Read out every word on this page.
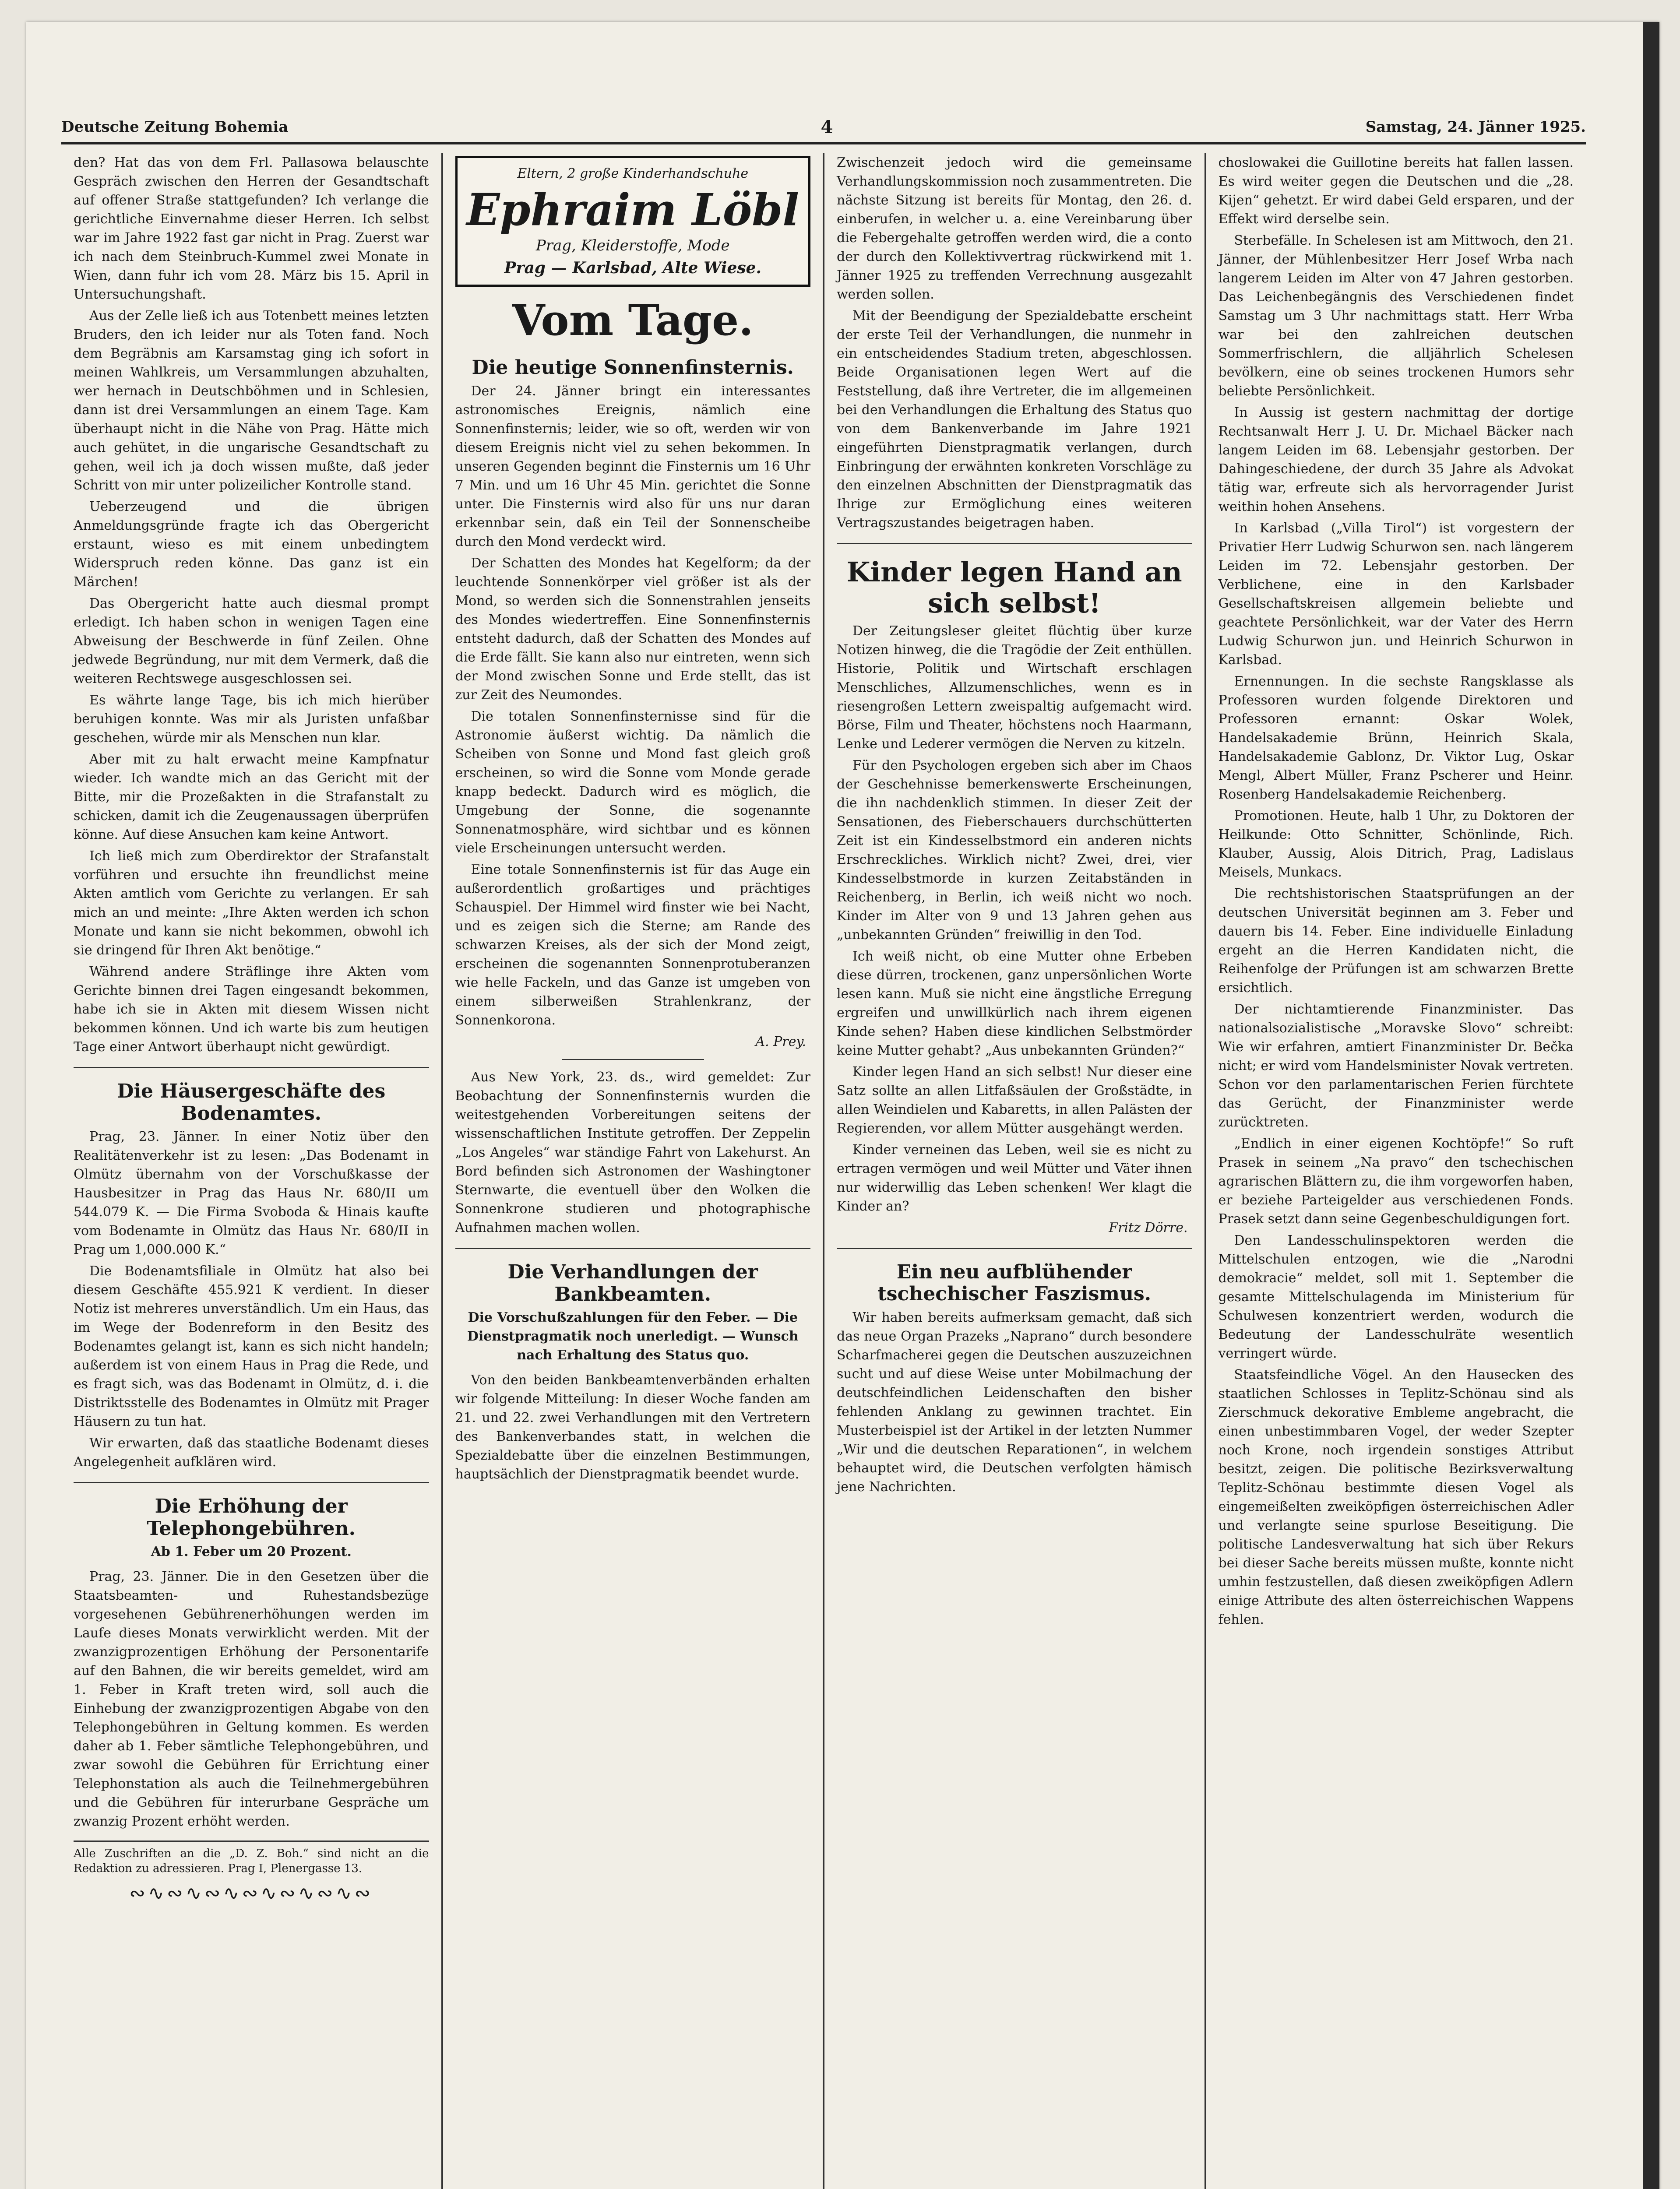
Deutsche Zeitung Bohemia	4	Samstag, 24. Jänner 1925.

den? Hat das von dem Frl. Pallasowa belauschte Gespräch zwischen den Herren der Gesandtschaft auf offener Straße stattgefunden? Ich verlange die gerichtliche Einvernahme dieser Herren. Ich selbst war im Jahre 1922 fast gar nicht in Prag. Zuerst war ich nach dem Steinbruch-Kummel zwei Monate in Wien, dann fuhr ich vom 28. März bis 15. April in Untersuchungshaft.

Aus der Zelle ließ ich aus Totenbett meines letzten Bruders, den ich leider nur als Toten fand. Noch dem Begräbnis am Karsamstag ging ich sofort in meinen Wahlkreis, um Versammlungen abzuhalten, wer hernach in Deutschböhmen und in Schlesien, dann ist drei Versammlungen an einem Tage. Kam überhaupt nicht in die Nähe von Prag. Hätte mich auch gehütet, in die ungarische Gesandtschaft zu gehen, weil ich ja doch wissen mußte, daß jeder Schritt von mir unter polizeilicher Kontrolle stand.

Ueberzeugend und die übrigen Anmeldungsgründe fragte ich das Obergericht erstaunt, wieso es mit einem unbedingtem Widerspruch reden könne. Das ganz ist ein Märchen!

Das Obergericht hatte auch diesmal prompt erledigt. Ich haben schon in wenigen Tagen eine Abweisung der Beschwerde in fünf Zeilen. Ohne jedwede Begründung, nur mit dem Vermerk, daß die weiteren Rechtswege ausgeschlossen sei.

Es währte lange Tage, bis ich mich hierüber beruhigen konnte. Was mir als Juristen unfaßbar geschehen, würde mir als Menschen nun klar.

Aber mit zu halt erwacht meine Kampfnatur wieder. Ich wandte mich an das Gericht mit der Bitte, mir die Prozeßakten in die Strafanstalt zu schicken, damit ich die Zeugenaussagen überprüfen könne. Auf diese Ansuchen kam keine Antwort.

Ich ließ mich zum Oberdirektor der Strafanstalt vorführen und ersuchte ihn freundlichst meine Akten amtlich vom Gerichte zu verlangen. Er sah mich an und meinte: „Ihre Akten werden ich schon Monate und kann sie nicht bekommen, obwohl ich sie dringend für Ihren Akt benötige.“

Während andere Sträflinge ihre Akten vom Gerichte binnen drei Tagen eingesandt bekommen, habe ich sie in Akten mit diesem Wissen nicht bekommen können. Und ich warte bis zum heutigen Tage einer Antwort überhaupt nicht gewürdigt.

Die Häusergeschäfte des Bodenamtes.

Prag, 23. Jänner. In einer Notiz über den Realitätenverkehr ist zu lesen: „Das Bodenamt in Olmütz übernahm von der Vorschußkasse der Hausbesitzer in Prag das Haus Nr. 680/II um 544.079 K. — Die Firma Svoboda & Hinais kaufte vom Bodenamte in Olmütz das Haus Nr. 680/II in Prag um 1,000.000 K.“

Die Bodenamtsfiliale in Olmütz hat also bei diesem Geschäfte 455.921 K verdient. In dieser Notiz ist mehreres unverständlich. Um ein Haus, das im Wege der Bodenreform in den Besitz des Bodenamtes gelangt ist, kann es sich nicht handeln; außerdem ist von einem Haus in Prag die Rede, und es fragt sich, was das Bodenamt in Olmütz, d. i. die Distriktsstelle des Bodenamtes in Olmütz mit Prager Häusern zu tun hat.

Wir erwarten, daß das staatliche Bodenamt dieses Angelegenheit aufklären wird.

Die Erhöhung der Telephongebühren.
Ab 1. Feber um 20 Prozent.

Prag, 23. Jänner. Die in den Gesetzen über die Staatsbeamten- und Ruhestandsbezüge vorgesehenen Gebührenerhöhungen werden im Laufe dieses Monats verwirklicht werden. Mit der zwanzigprozentigen Erhöhung der Personentarife auf den Bahnen, die wir bereits gemeldet, wird am 1. Feber in Kraft treten wird, soll auch die Einhebung der zwanzigprozentigen Abgabe von den Telephongebühren in Geltung kommen. Es werden daher ab 1. Feber sämtliche Telephongebühren, und zwar sowohl die Gebühren für Errichtung einer Telephonstation als auch die Teilnehmergebühren und die Gebühren für interurbane Gespräche um zwanzig Prozent erhöht werden.

Alle Zuschriften an die „D. Z. Boh.“ sind nicht an die Redaktion zu adressieren. Prag I, Plenergasse 13.
∾∿∾∿∾∿∾∿∾∿∾∿∾
Eltern, 2 große Kinderhandschuhe
Ephraim Löbl
Prag, Kleiderstoffe, Mode
Prag — Karlsbad, Alte Wiese.
Vom Tage.
Die heutige Sonnenfinsternis.

Der 24. Jänner bringt ein interessantes astronomisches Ereignis, nämlich eine Sonnenfinsternis; leider, wie so oft, werden wir von diesem Ereignis nicht viel zu sehen bekommen. In unseren Gegenden beginnt die Finsternis um 16 Uhr 7 Min. und um 16 Uhr 45 Min. gerichtet die Sonne unter. Die Finsternis wird also für uns nur daran erkennbar sein, daß ein Teil der Sonnenscheibe durch den Mond verdeckt wird.

Der Schatten des Mondes hat Kegelform; da der leuchtende Sonnenkörper viel größer ist als der Mond, so werden sich die Sonnenstrahlen jenseits des Mondes wiedertreffen. Eine Sonnenfinsternis entsteht dadurch, daß der Schatten des Mondes auf die Erde fällt. Sie kann also nur eintreten, wenn sich der Mond zwischen Sonne und Erde stellt, das ist zur Zeit des Neumondes.

Die totalen Sonnenfinsternisse sind für die Astronomie äußerst wichtig. Da nämlich die Scheiben von Sonne und Mond fast gleich groß erscheinen, so wird die Sonne vom Monde gerade knapp bedeckt. Dadurch wird es möglich, die Umgebung der Sonne, die sogenannte Sonnenatmosphäre, wird sichtbar und es können viele Erscheinungen untersucht werden.

Eine totale Sonnenfinsternis ist für das Auge ein außerordentlich großartiges und prächtiges Schauspiel. Der Himmel wird finster wie bei Nacht, und es zeigen sich die Sterne; am Rande des schwarzen Kreises, als der sich der Mond zeigt, erscheinen die sogenannten Sonnenprotuberanzen wie helle Fackeln, und das Ganze ist umgeben von einem silberweißen Strahlenkranz, der Sonnenkorona.

A. Prey.

Aus New York, 23. ds., wird gemeldet: Zur Beobachtung der Sonnenfinsternis wurden die weitestgehenden Vorbereitungen seitens der wissenschaftlichen Institute getroffen. Der Zeppelin „Los Angeles“ war ständige Fahrt von Lakehurst. An Bord befinden sich Astronomen der Washingtoner Sternwarte, die eventuell über den Wolken die Sonnenkrone studieren und photographische Aufnahmen machen wollen.

Die Verhandlungen der Bankbeamten.
Die Vorschußzahlungen für den Feber. — Die Dienstpragmatik noch unerledigt. — Wunsch nach Erhaltung des Status quo.

Von den beiden Bankbeamtenverbänden erhalten wir folgende Mitteilung: In dieser Woche fanden am 21. und 22. zwei Verhandlungen mit den Vertretern des Bankenverbandes statt, in welchen die Spezialdebatte über die einzelnen Bestimmungen, hauptsächlich der Dienstpragmatik beendet wurde.

Zwischenzeit jedoch wird die gemeinsame Verhandlungskommission noch zusammentreten. Die nächste Sitzung ist bereits für Montag, den 26. d. einberufen, in welcher u. a. eine Vereinbarung über die Febergehalte getroffen werden wird, die a conto der durch den Kollektivvertrag rückwirkend mit 1. Jänner 1925 zu treffenden Verrechnung ausgezahlt werden sollen.

Mit der Beendigung der Spezialdebatte erscheint der erste Teil der Verhandlungen, die nunmehr in ein entscheidendes Stadium treten, abgeschlossen. Beide Organisationen legen Wert auf die Feststellung, daß ihre Vertreter, die im allgemeinen bei den Verhandlungen die Erhaltung des Status quo von dem Bankenverbande im Jahre 1921 eingeführten Dienstpragmatik verlangen, durch Einbringung der erwähnten konkreten Vorschläge zu den einzelnen Abschnitten der Dienstpragmatik das Ihrige zur Ermöglichung eines weiteren Vertragszustandes beigetragen haben.

Kinder legen Hand an sich selbst!

Der Zeitungsleser gleitet flüchtig über kurze Notizen hinweg, die die Tragödie der Zeit enthüllen. Historie, Politik und Wirtschaft erschlagen Menschliches, Allzumenschliches, wenn es in riesengroßen Lettern zweispaltig aufgemacht wird. Börse, Film und Theater, höchstens noch Haarmann, Lenke und Lederer vermögen die Nerven zu kitzeln.

Für den Psychologen ergeben sich aber im Chaos der Geschehnisse bemerkenswerte Erscheinungen, die ihn nachdenklich stimmen. In dieser Zeit der Sensationen, des Fieberschauers durchschütterten Zeit ist ein Kindesselbstmord ein anderen nichts Erschreckliches. Wirklich nicht? Zwei, drei, vier Kindesselbstmorde in kurzen Zeitabständen in Reichenberg, in Berlin, ich weiß nicht wo noch. Kinder im Alter von 9 und 13 Jahren gehen aus „unbekannten Gründen“ freiwillig in den Tod.

Ich weiß nicht, ob eine Mutter ohne Erbeben diese dürren, trockenen, ganz unpersönlichen Worte lesen kann. Muß sie nicht eine ängstliche Erregung ergreifen und unwillkürlich nach ihrem eigenen Kinde sehen? Haben diese kindlichen Selbstmörder keine Mutter gehabt? „Aus unbekannten Gründen?“

Kinder legen Hand an sich selbst! Nur dieser eine Satz sollte an allen Litfaßsäulen der Großstädte, in allen Weindielen und Kabaretts, in allen Palästen der Regierenden, vor allem Mütter ausgehängt werden.

Kinder verneinen das Leben, weil sie es nicht zu ertragen vermögen und weil Mütter und Väter ihnen nur widerwillig das Leben schenken! Wer klagt die Kinder an?

Fritz Dörre.
Ein neu aufblühender tschechischer Faszismus.

Wir haben bereits aufmerksam gemacht, daß sich das neue Organ Prazeks „Naprano“ durch besondere Scharfmacherei gegen die Deutschen auszuzeichnen sucht und auf diese Weise unter Mobilmachung der deutschfeindlichen Leidenschaften den bisher fehlenden Anklang zu gewinnen trachtet. Ein Musterbeispiel ist der Artikel in der letzten Nummer „Wir und die deutschen Reparationen“, in welchem behauptet wird, die Deutschen verfolgten hämisch jene Nachrichten.

choslowakei die Guillotine bereits hat fallen lassen. Es wird weiter gegen die Deutschen und die „28. Kijen“ gehetzt. Er wird dabei Geld ersparen, und der Effekt wird derselbe sein.

Sterbefälle. In Schelesen ist am Mittwoch, den 21. Jänner, der Mühlenbesitzer Herr Josef Wrba nach langerem Leiden im Alter von 47 Jahren gestorben. Das Leichenbegängnis des Verschiedenen findet Samstag um 3 Uhr nachmittags statt. Herr Wrba war bei den zahlreichen deutschen Sommerfrischlern, die alljährlich Schelesen bevölkern, eine ob seines trockenen Humors sehr beliebte Persönlichkeit.

In Aussig ist gestern nachmittag der dortige Rechtsanwalt Herr J. U. Dr. Michael Bäcker nach langem Leiden im 68. Lebensjahr gestorben. Der Dahingeschiedene, der durch 35 Jahre als Advokat tätig war, erfreute sich als hervorragender Jurist weithin hohen Ansehens.

In Karlsbad („Villa Tirol“) ist vorgestern der Privatier Herr Ludwig Schurwon sen. nach längerem Leiden im 72. Lebensjahr gestorben. Der Verblichene, eine in den Karlsbader Gesellschaftskreisen allgemein beliebte und geachtete Persönlichkeit, war der Vater des Herrn Ludwig Schurwon jun. und Heinrich Schurwon in Karlsbad.

Ernennungen. In die sechste Rangsklasse als Professoren wurden folgende Direktoren und Professoren ernannt: Oskar Wolek, Handelsakademie Brünn, Heinrich Skala, Handelsakademie Gablonz, Dr. Viktor Lug, Oskar Mengl, Albert Müller, Franz Pscherer und Heinr. Rosenberg Handelsakademie Reichenberg.

Promotionen. Heute, halb 1 Uhr, zu Doktoren der Heilkunde: Otto Schnitter, Schönlinde, Rich. Klauber, Aussig, Alois Ditrich, Prag, Ladislaus Meisels, Munkacs.

Die rechtshistorischen Staatsprüfungen an der deutschen Universität beginnen am 3. Feber und dauern bis 14. Feber. Eine individuelle Einladung ergeht an die Herren Kandidaten nicht, die Reihenfolge der Prüfungen ist am schwarzen Brette ersichtlich.

Der nichtamtierende Finanzminister. Das nationalsozialistische „Moravske Slovo“ schreibt: Wie wir erfahren, amtiert Finanzminister Dr. Bečka nicht; er wird vom Handelsminister Novak vertreten. Schon vor den parlamentarischen Ferien fürchtete das Gerücht, der Finanzminister werde zurücktreten.

„Endlich in einer eigenen Kochtöpfe!“ So ruft Prasek in seinem „Na pravo“ den tschechischen agrarischen Blättern zu, die ihm vorgeworfen haben, er beziehe Parteigelder aus verschiedenen Fonds. Prasek setzt dann seine Gegenbeschuldigungen fort.

Den Landesschulinspektoren werden die Mittelschulen entzogen, wie die „Narodni demokracie“ meldet, soll mit 1. September die gesamte Mittelschulagenda im Ministerium für Schulwesen konzentriert werden, wodurch die Bedeutung der Landesschulräte wesentlich verringert würde.

Staatsfeindliche Vögel. An den Hausecken des staatlichen Schlosses in Teplitz-Schönau sind als Zierschmuck dekorative Embleme angebracht, die einen unbestimmbaren Vogel, der weder Szepter noch Krone, noch irgendein sonstiges Attribut besitzt, zeigen. Die politische Bezirksverwaltung Teplitz-Schönau bestimmte diesen Vogel als eingemeißelten zweiköpfigen österreichischen Adler und verlangte seine spurlose Beseitigung. Die politische Landesverwaltung hat sich über Rekurs bei dieser Sache bereits müssen mußte, konnte nicht umhin festzustellen, daß diesen zweiköpfigen Adlern einige Attribute des alten österreichischen Wappens fehlen.
